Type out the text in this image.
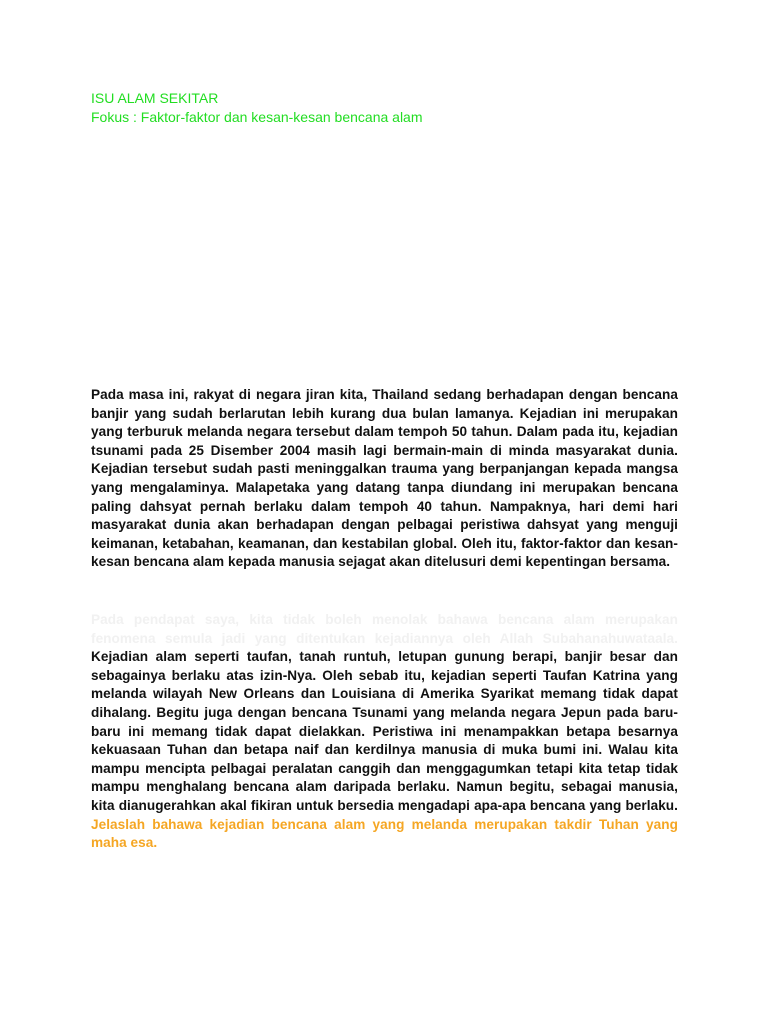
ISU ALAM SEKITAR
Fokus : Faktor-faktor dan kesan-kesan bencana alam
Pada masa ini, rakyat di negara jiran kita, Thailand sedang berhadapan dengan bencana banjir yang sudah berlarutan lebih kurang dua bulan lamanya. Kejadian ini merupakan yang terburuk melanda negara tersebut dalam tempoh 50 tahun. Dalam pada itu, kejadian tsunami pada 25 Disember 2004 masih lagi bermain-main di minda masyarakat dunia. Kejadian tersebut sudah pasti meninggalkan trauma yang berpanjangan kepada mangsa yang mengalaminya. Malapetaka yang datang tanpa diundang ini merupakan bencana paling dahsyat pernah berlaku dalam tempoh 40 tahun. Nampaknya, hari demi hari masyarakat dunia akan berhadapan dengan pelbagai peristiwa dahsyat yang menguji keimanan, ketabahan, keamanan, dan kestabilan global. Oleh itu, faktor-faktor dan kesan-kesan bencana alam kepada manusia sejagat akan ditelusuri demi kepentingan bersama.
Pada pendapat saya, kita tidak boleh menolak bahawa bencana alam merupakan fenomena semula jadi yang ditentukan kejadiannya oleh Allah Subahanahuwataala. Kejadian alam seperti taufan, tanah runtuh, letupan gunung berapi, banjir besar dan sebagainya berlaku atas izin-Nya. Oleh sebab itu, kejadian seperti Taufan Katrina yang melanda wilayah New Orleans dan Louisiana di Amerika Syarikat memang tidak dapat dihalang. Begitu juga dengan bencana Tsunami yang melanda negara Jepun pada baru-baru ini memang tidak dapat dielakkan. Peristiwa ini menampakkan betapa besarnya kekuasaan Tuhan dan betapa naif dan kerdilnya manusia di muka bumi ini. Walau kita mampu mencipta pelbagai peralatan canggih dan menggagumkan tetapi kita tetap tidak mampu menghalang bencana alam daripada berlaku. Namun begitu, sebagai manusia, kita dianugerahkan akal fikiran untuk bersedia mengadapi apa-apa bencana yang berlaku. Jelaslah bahawa kejadian bencana alam yang melanda merupakan takdir Tuhan yang maha esa.
